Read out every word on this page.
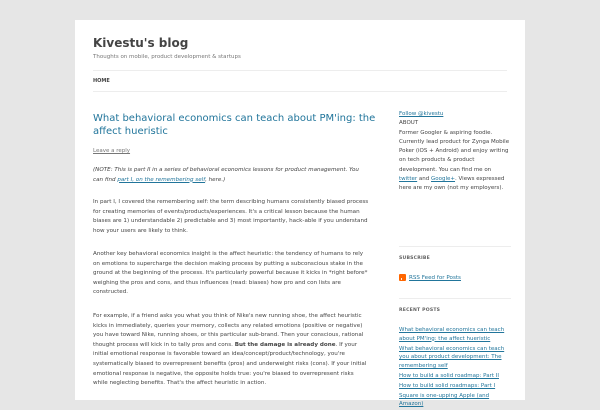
Kivestu's blog
Thoughts on mobile, product development & startups
HOME
What behavioral economics can teach about PM'ing: the affect hueristic
Leave a reply
(NOTE: This is part II in a series of behavioral economics lessons for product management. You can find part I, on the remembering self, here.)
In part I, I covered the remembering self: the term describing humans consistently biased process for creating memories of events/products/experiences. It's a critical lesson because the human biases are 1) understandable 2) predictable and 3) most importantly, hack-able if you understand how your users are likely to think.
Another key behavioral economics insight is the affect heuristic: the tendency of humans to rely on emotions to supercharge the decision making process by putting a subconscious stake in the ground at the beginning of the process. It's particularly powerful because it kicks in *right before* weighing the pros and cons, and thus influences (read: biases) how pro and con lists are constructed.
For example, if a friend asks you what you think of Nike's new running shoe, the affect heuristic kicks in immediately, queries your memory, collects any related emotions (positive or negative) you have toward Nike, running shoes, or this particular sub-brand. Then your conscious, rational thought process will kick in to tally pros and cons. But the damage is already done. If your initial emotional response is favorable toward an idea/concept/product/technology, you're systematically biased to overrepresent benefits (pros) and underweight risks (cons). If your initial emotional response is negative, the opposite holds true: you're biased to overrepresent risks while neglecting benefits. That's the affect heuristic in action.
Follow @kivestu
ABOUT
Former Googler & aspiring foodie. Currently lead product for Zynga Mobile Poker (iOS + Android) and enjoy writing on tech products & product development. You can find me on twitter and Google+. Views expressed here are my own (not my employers).
SUBSCRIBE
RSS Feed for Posts
RECENT POSTS
What behavioral economics can teach about PM'ing: the affect hueristic
What behavioral economics can teach you about product development: The remembering self
How to build a solid roadmap: Part II
How to build solid roadmaps: Part I
Square is one-upping Apple (and Amazon)
